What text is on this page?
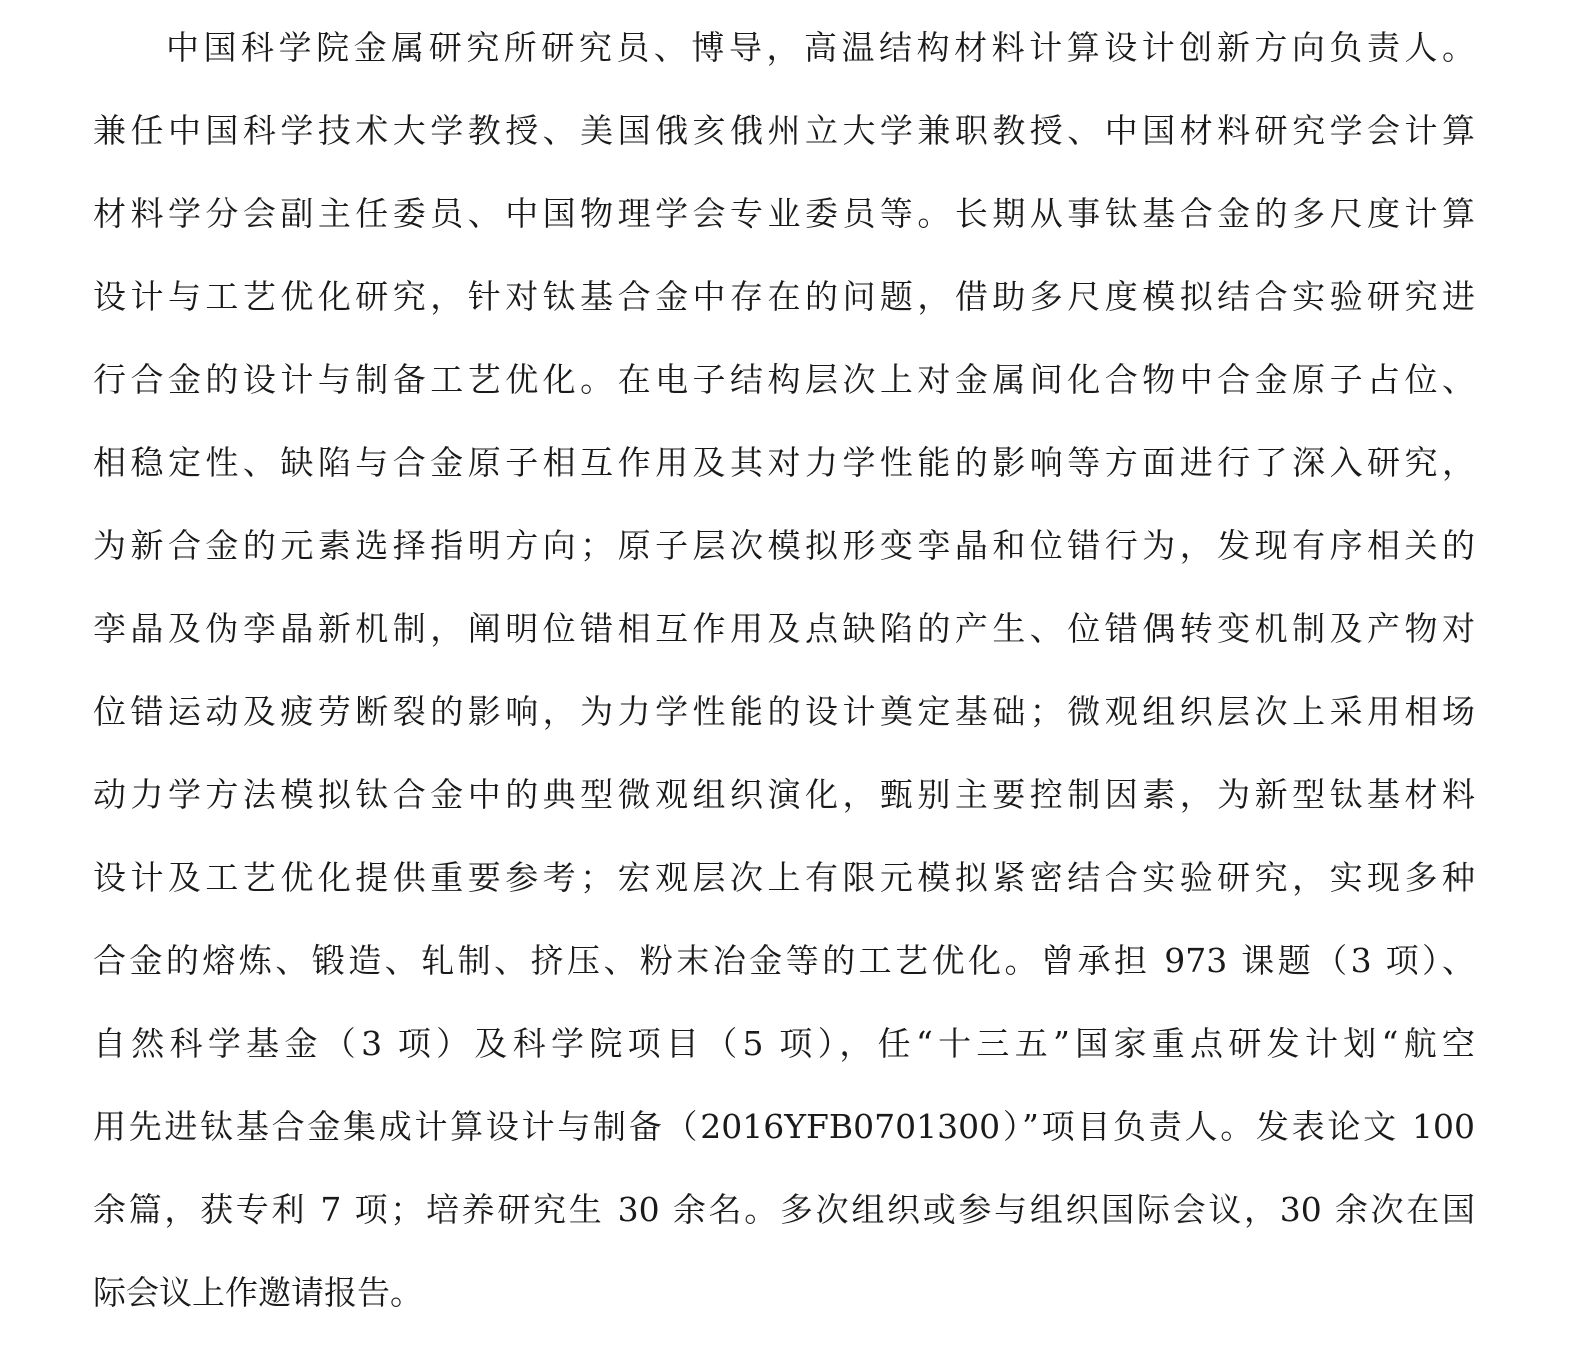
中国科学院金属研究所研究员、博导，高温结构材料计算设计创新方向负责人。

兼任中国科学技术大学教授、美国俄亥俄州立大学兼职教授、中国材料研究学会计算

材料学分会副主任委员、中国物理学会专业委员等。长期从事钛基合金的多尺度计算

设计与工艺优化研究，针对钛基合金中存在的问题，借助多尺度模拟结合实验研究进

行合金的设计与制备工艺优化。在电子结构层次上对金属间化合物中合金原子占位、

相稳定性、缺陷与合金原子相互作用及其对力学性能的影响等方面进行了深入研究，

为新合金的元素选择指明方向；原子层次模拟形变孪晶和位错行为，发现有序相关的

孪晶及伪孪晶新机制，阐明位错相互作用及点缺陷的产生、位错偶转变机制及产物对

位错运动及疲劳断裂的影响，为力学性能的设计奠定基础；微观组织层次上采用相场

动力学方法模拟钛合金中的典型微观组织演化，甄别主要控制因素，为新型钛基材料

设计及工艺优化提供重要参考；宏观层次上有限元模拟紧密结合实验研究，实现多种

合金的熔炼、锻造、轧制、挤压、粉末冶金等的工艺优化。曾承担 973 课题（3 项）、

自然科学基金（3 项）及科学院项目（5 项），任“十三五”国家重点研发计划“航空

用先进钛基合金集成计算设计与制备（2016YFB0701300）”项目负责人。发表论文 100

余篇，获专利 7 项；培养研究生 30 余名。多次组织或参与组织国际会议，30 余次在国

际会议上作邀请报告。
